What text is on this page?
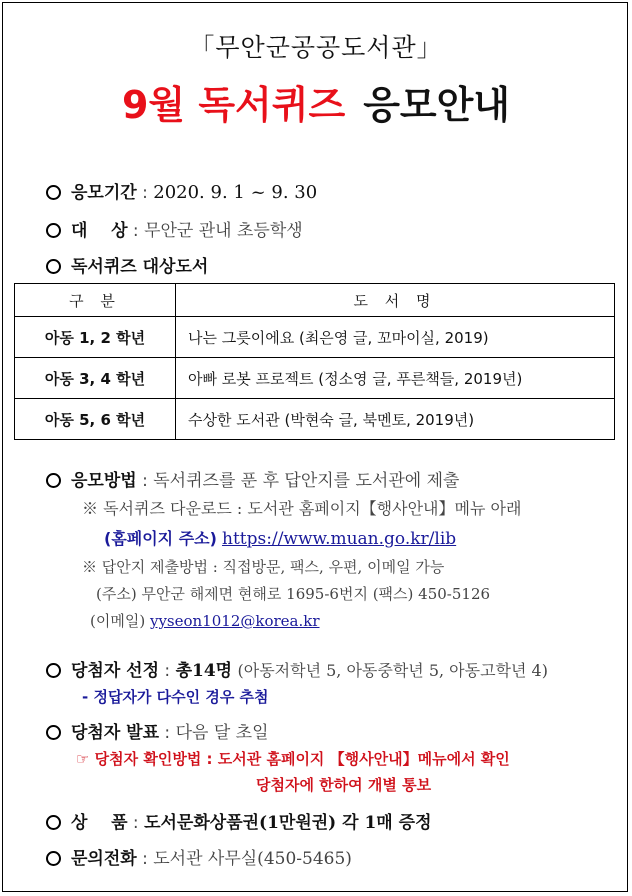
「무안군공공도서관」
9월 독서퀴즈 응모안내
응모기간 : 2020. 9. 1 ~ 9. 30
대    상 : 무안군 관내 초등학생
독서퀴즈 대상도서
구 분	도 서 명
아동 1, 2 학년	나는 그릇이에요 (최은영 글, 꼬마이실, 2019)
아동 3, 4 학년	아빠 로봇 프로젝트 (정소영 글, 푸른책들, 2019년)
아동 5, 6 학년	수상한 도서관 (박현숙 글, 북멘토, 2019년)
응모방법 : 독서퀴즈를 푼 후 답안지를 도서관에 제출
※ 독서퀴즈 다운로드 : 도서관 홈페이지【행사안내】메뉴 아래
(홈페이지 주소) https://www.muan.go.kr/lib
※ 답안지 제출방법 : 직접방문, 팩스, 우편, 이메일 가능
(주소) 무안군 해제면 현해로 1695-6번지 (팩스) 450-5126
(이메일) yyseon1012@korea.kr
당첨자 선정 : 총14명 (아동저학년 5, 아동중학년 5, 아동고학년 4)
- 정답자가 다수인 경우 추첨
당첨자 발표 : 다음 달 초일
☞ 당첨자 확인방법 : 도서관 홈페이지 【행사안내】메뉴에서 확인
당첨자에 한하여 개별 통보
상    품 : 도서문화상품권(1만원권) 각 1매 증정
문의전화 : 도서관 사무실(450-5465)
